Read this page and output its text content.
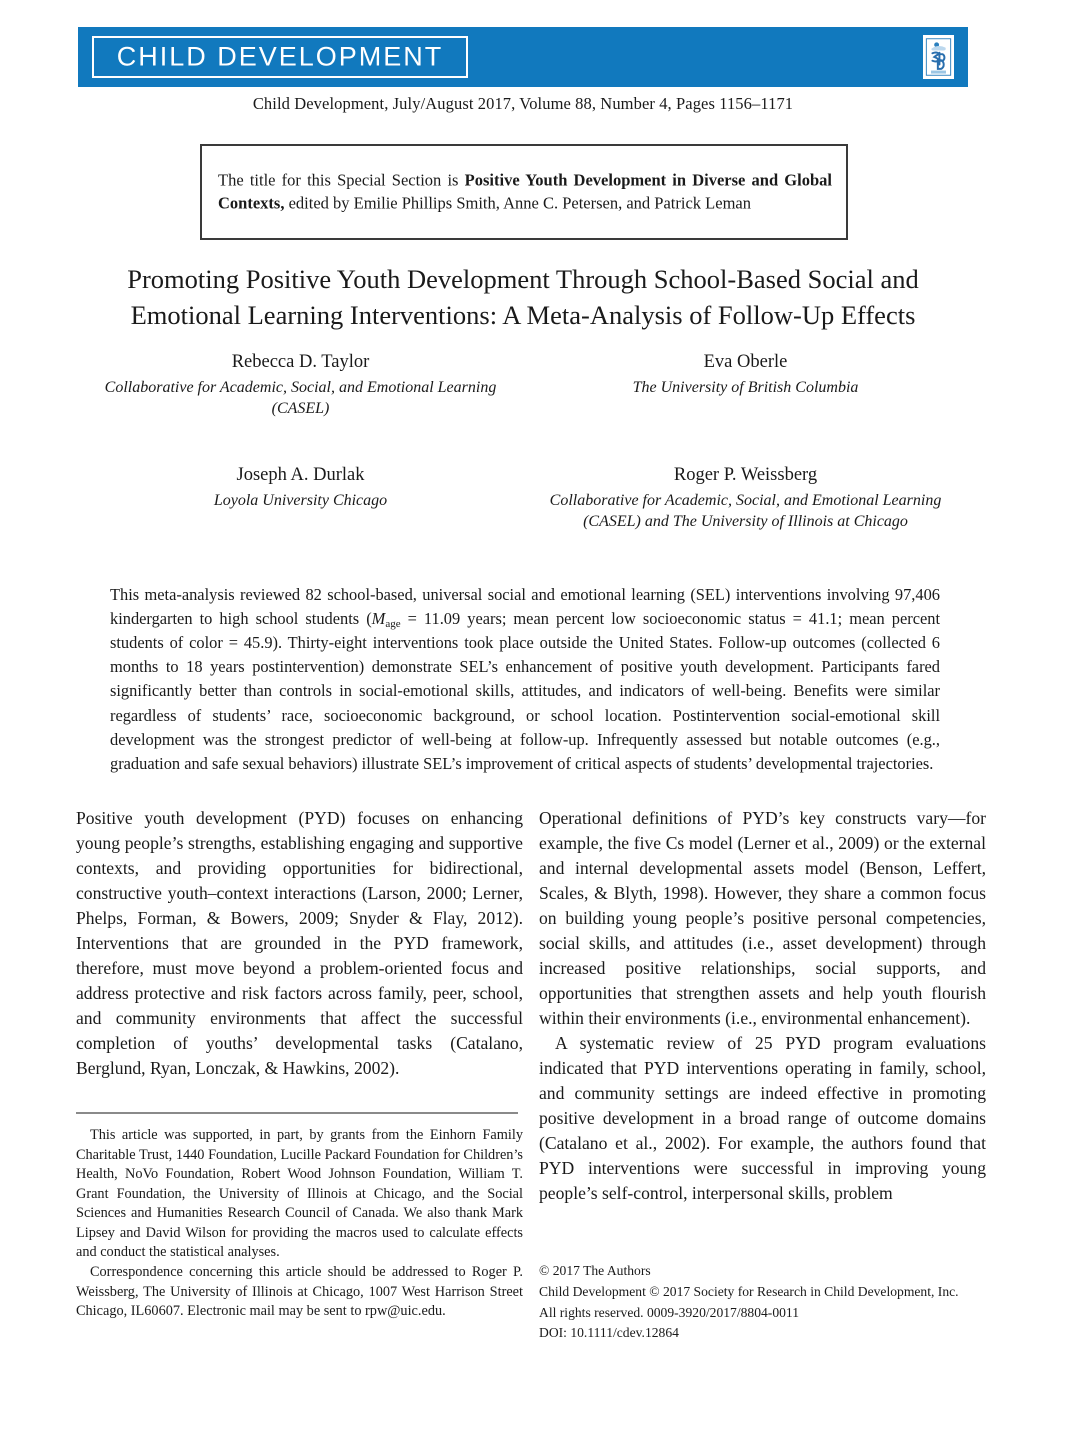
CHILD DEVELOPMENT
Child Development, July/August 2017, Volume 88, Number 4, Pages 1156–1171
The title for this Special Section is Positive Youth Development in Diverse and Global Contexts, edited by Emilie Phillips Smith, Anne C. Petersen, and Patrick Leman
Promoting Positive Youth Development Through School-Based Social and
Emotional Learning Interventions: A Meta-Analysis of Follow-Up Effects
Rebecca D. Taylor
Collaborative for Academic, Social, and Emotional Learning (CASEL)
Eva Oberle
The University of British Columbia
Joseph A. Durlak
Loyola University Chicago
Roger P. Weissberg
Collaborative for Academic, Social, and Emotional Learning (CASEL) and The University of Illinois at Chicago
This meta-analysis reviewed 82 school-based, universal social and emotional learning (SEL) interventions involving 97,406 kindergarten to high school students ($M_{age} = 11.09$ years; mean percent low socioeconomic status = 41.1; mean percent students of color = 45.9). Thirty-eight interventions took place outside the United States. Follow-up outcomes (collected 6 months to 18 years postintervention) demonstrate SEL’s enhancement of positive youth development. Participants fared significantly better than controls in social-emotional skills, attitudes, and indicators of well-being. Benefits were similar regardless of students’ race, socioeconomic background, or school location. Postintervention social-emotional skill development was the strongest predictor of well-being at follow-up. Infrequently assessed but notable outcomes (e.g., graduation and safe sexual behaviors) illustrate SEL’s improvement of critical aspects of students’ developmental trajectories.

Positive youth development (PYD) focuses on enhancing young people’s strengths, establishing engaging and supportive contexts, and providing opportunities for bidirectional, constructive youth–context interactions (Larson, 2000; Lerner, Phelps, Forman, & Bowers, 2009; Snyder & Flay, 2012). Interventions that are grounded in the PYD framework, therefore, must move beyond a problem-oriented focus and address protective and risk factors across family, peer, school, and community environments that affect the successful completion of youths’ developmental tasks (Catalano, Berglund, Ryan, Lonczak, & Hawkins, 2002).

Operational definitions of PYD’s key constructs vary—for example, the five Cs model (Lerner et al., 2009) or the external and internal developmental assets model (Benson, Leffert, Scales, & Blyth, 1998). However, they share a common focus on building young people’s positive personal competencies, social skills, and attitudes (i.e., asset development) through increased positive relationships, social supports, and opportunities that strengthen assets and help youth flourish within their environments (i.e., environmental enhancement).

A systematic review of 25 PYD program evaluations indicated that PYD interventions operating in family, school, and community settings are indeed effective in promoting positive development in a broad range of outcome domains (Catalano et al., 2002). For example, the authors found that PYD interventions were successful in improving young people’s self-control, interpersonal skills, problem

This article was supported, in part, by grants from the Einhorn Family Charitable Trust, 1440 Foundation, Lucille Packard Foundation for Children’s Health, NoVo Foundation, Robert Wood Johnson Foundation, William T. Grant Foundation, the University of Illinois at Chicago, and the Social Sciences and Humanities Research Council of Canada. We also thank Mark Lipsey and David Wilson for providing the macros used to calculate effects and conduct the statistical analyses.

Correspondence concerning this article should be addressed to Roger P. Weissberg, The University of Illinois at Chicago, 1007 West Harrison Street Chicago, IL60607. Electronic mail may be sent to rpw@uic.edu.

© 2017 The Authors
Child Development © 2017 Society for Research in Child Development, Inc.
All rights reserved. 0009-3920/2017/8804-0011
DOI: 10.1111/cdev.12864
